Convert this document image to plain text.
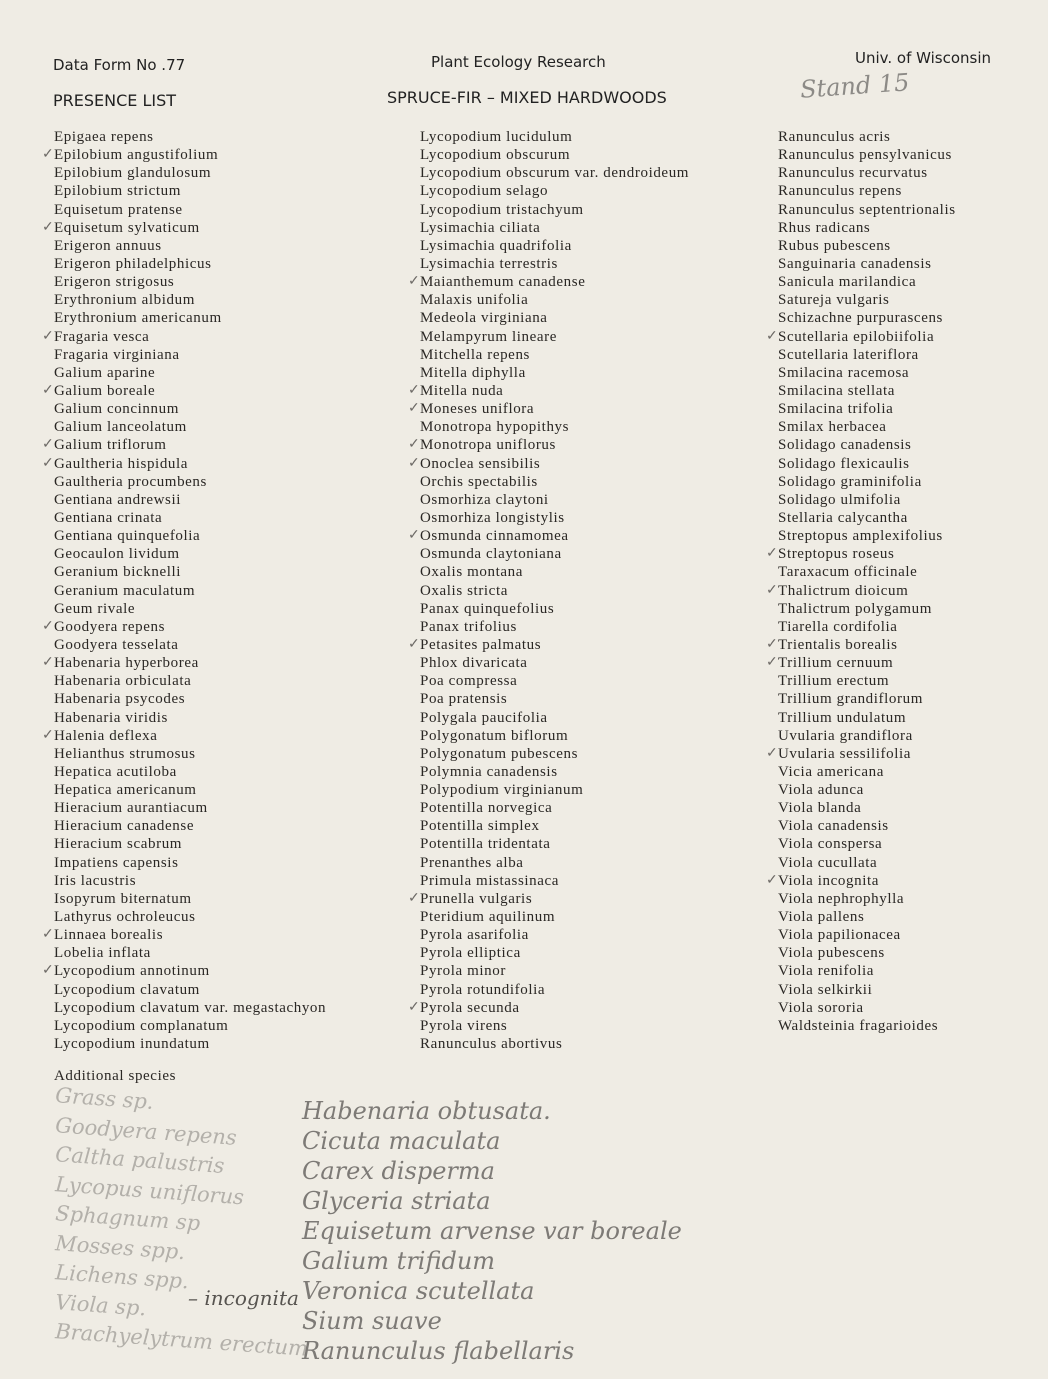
Data Form No .77	Plant Ecology Research	Univ. of Wisconsin
PRESENCE LIST	SPRUCE-FIR – MIXED HARDWOODS	Stand 15
Epigaea repens
✓ Epilobium angustifolium
Epilobium glandulosum
Epilobium strictum
Equisetum pratense
✓ Equisetum sylvaticum
Erigeron annuus
Erigeron philadelphicus
Erigeron strigosus
Erythronium albidum
Erythronium americanum
✓ Fragaria vesca
Fragaria virginiana
Galium aparine
✓ Galium boreale
Galium concinnum
Galium lanceolatum
✓ Galium triflorum
✓ Gaultheria hispidula
Gaultheria procumbens
Gentiana andrewsii
Gentiana crinata
Gentiana quinquefolia
Geocaulon lividum
Geranium bicknelli
Geranium maculatum
Geum rivale
✓ Goodyera repens
Goodyera tesselata
✓ Habenaria hyperborea
Habenaria orbiculata
Habenaria psycodes
Habenaria viridis
✓ Halenia deflexa
Helianthus strumosus
Hepatica acutiloba
Hepatica americanum
Hieracium aurantiacum
Hieracium canadense
Hieracium scabrum
Impatiens capensis
Iris lacustris
Isopyrum biternatum
Lathyrus ochroleucus
✓ Linnaea borealis
Lobelia inflata
✓ Lycopodium annotinum
Lycopodium clavatum
Lycopodium clavatum var. megastachyon
Lycopodium complanatum
Lycopodium inundatum
Lycopodium lucidulum
Lycopodium obscurum
Lycopodium obscurum var. dendroideum
Lycopodium selago
Lycopodium tristachyum
Lysimachia ciliata
Lysimachia quadrifolia
Lysimachia terrestris
✓ Maianthemum canadense
Malaxis unifolia
Medeola virginiana
Melampyrum lineare
Mitchella repens
Mitella diphylla
✓ Mitella nuda
✓ Moneses uniflora
Monotropa hypopithys
✓ Monotropa uniflorus
✓ Onoclea sensibilis
Orchis spectabilis
Osmorhiza claytoni
Osmorhiza longistylis
✓ Osmunda cinnamomea
Osmunda claytoniana
Oxalis montana
Oxalis stricta
Panax quinquefolius
Panax trifolius
✓ Petasites palmatus
Phlox divaricata
Poa compressa
Poa pratensis
Polygala paucifolia
Polygonatum biflorum
Polygonatum pubescens
Polymnia canadensis
Polypodium virginianum
Potentilla norvegica
Potentilla simplex
Potentilla tridentata
Prenanthes alba
Primula mistassinaca
✓ Prunella vulgaris
Pteridium aquilinum
Pyrola asarifolia
Pyrola elliptica
Pyrola minor
Pyrola rotundifolia
✓ Pyrola secunda
Pyrola virens
Ranunculus abortivus
Ranunculus acris
Ranunculus pensylvanicus
Ranunculus recurvatus
Ranunculus repens
Ranunculus septentrionalis
Rhus radicans
Rubus pubescens
Sanguinaria canadensis
Sanicula marilandica
Satureja vulgaris
Schizachne purpurascens
✓ Scutellaria epilobiifolia
Scutellaria lateriflora
Smilacina racemosa
Smilacina stellata
Smilacina trifolia
Smilax herbacea
Solidago canadensis
Solidago flexicaulis
Solidago graminifolia
Solidago ulmifolia
Stellaria calycantha
Streptopus amplexifolius
✓ Streptopus roseus
Taraxacum officinale
✓ Thalictrum dioicum
Thalictrum polygamum
Tiarella cordifolia
✓ Trientalis borealis
✓ Trillium cernuum
Trillium erectum
Trillium grandiflorum
Trillium undulatum
Uvularia grandiflora
✓ Uvularia sessilifolia
Vicia americana
Viola adunca
Viola blanda
Viola canadensis
Viola conspersa
Viola cucullata
✓ Viola incognita
Viola nephrophylla
Viola pallens
Viola papilionacea
Viola pubescens
Viola renifolia
Viola selkirkii
Viola sororia
Waldsteinia fragarioides
Additional species
Grass sp.
Goodyera repens
Caltha palustris
Lycopus uniflorus
Sphagnum sp
Mosses spp.
Lichens spp.
Viola sp.
Brachyelytrum erectum
Habenaria obtusata.
Cicuta maculata
Carex disperma
Glyceria striata
Equisetum arvense var boreale
Galium trifidum
Veronica scutellata
Sium suave
Ranunculus flabellaris
– incognita
